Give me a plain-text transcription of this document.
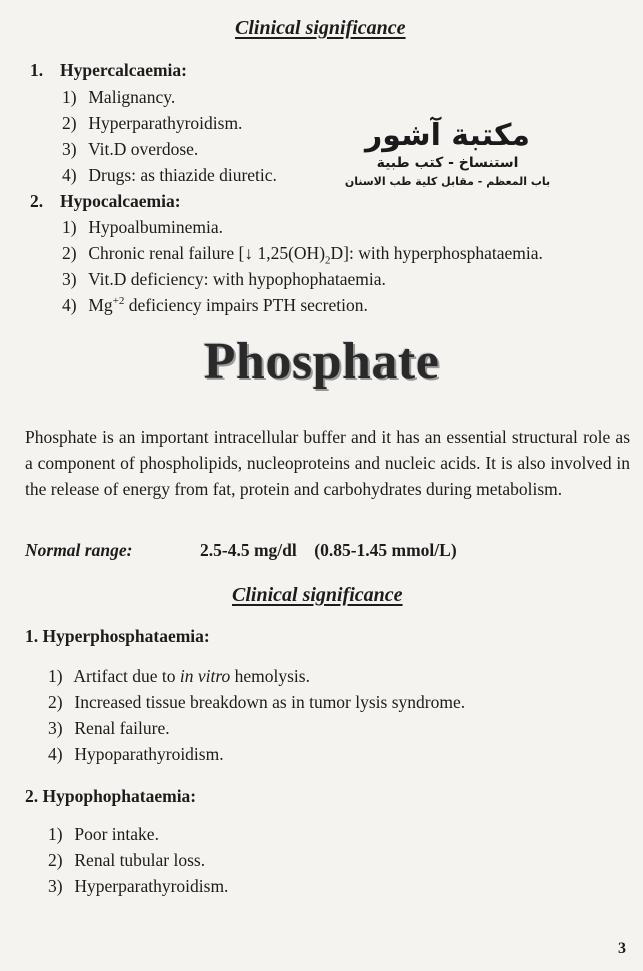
Clinical significance
1. Hypercalcaemia:
1) Malignancy.
2) Hyperparathyroidism.
3) Vit.D overdose.
4) Drugs: as thiazide diuretic.
مكتبة آشور
استنساخ - كتب طبية
باب المعظم - مقابل كلية طب الاسنان
2. Hypocalcaemia:
1) Hypoalbuminemia.
2) Chronic renal failure [↓ $1,25(OH)_2D$]: with hyperphosphataemia.
3) Vit.D deficiency: with hypophophataemia.
4) $Mg^{+2}$ deficiency impairs PTH secretion.
Phosphate
Phosphate is an important intracellular buffer and it has an essential structural role as a component of phospholipids, nucleoproteins and nucleic acids. It is also involved in the release of energy from fat, protein and carbohydrates during metabolism.
Normal range:	2.5-4.5 mg/dl    (0.85-1.45 mmol/L)
Clinical significance
1. Hyperphosphataemia:
1) Artifact due to in vitro hemolysis.
2) Increased tissue breakdown as in tumor lysis syndrome.
3) Renal failure.
4) Hypoparathyroidism.
2. Hypophophataemia:
1) Poor intake.
2) Renal tubular loss.
3) Hyperparathyroidism.
3
